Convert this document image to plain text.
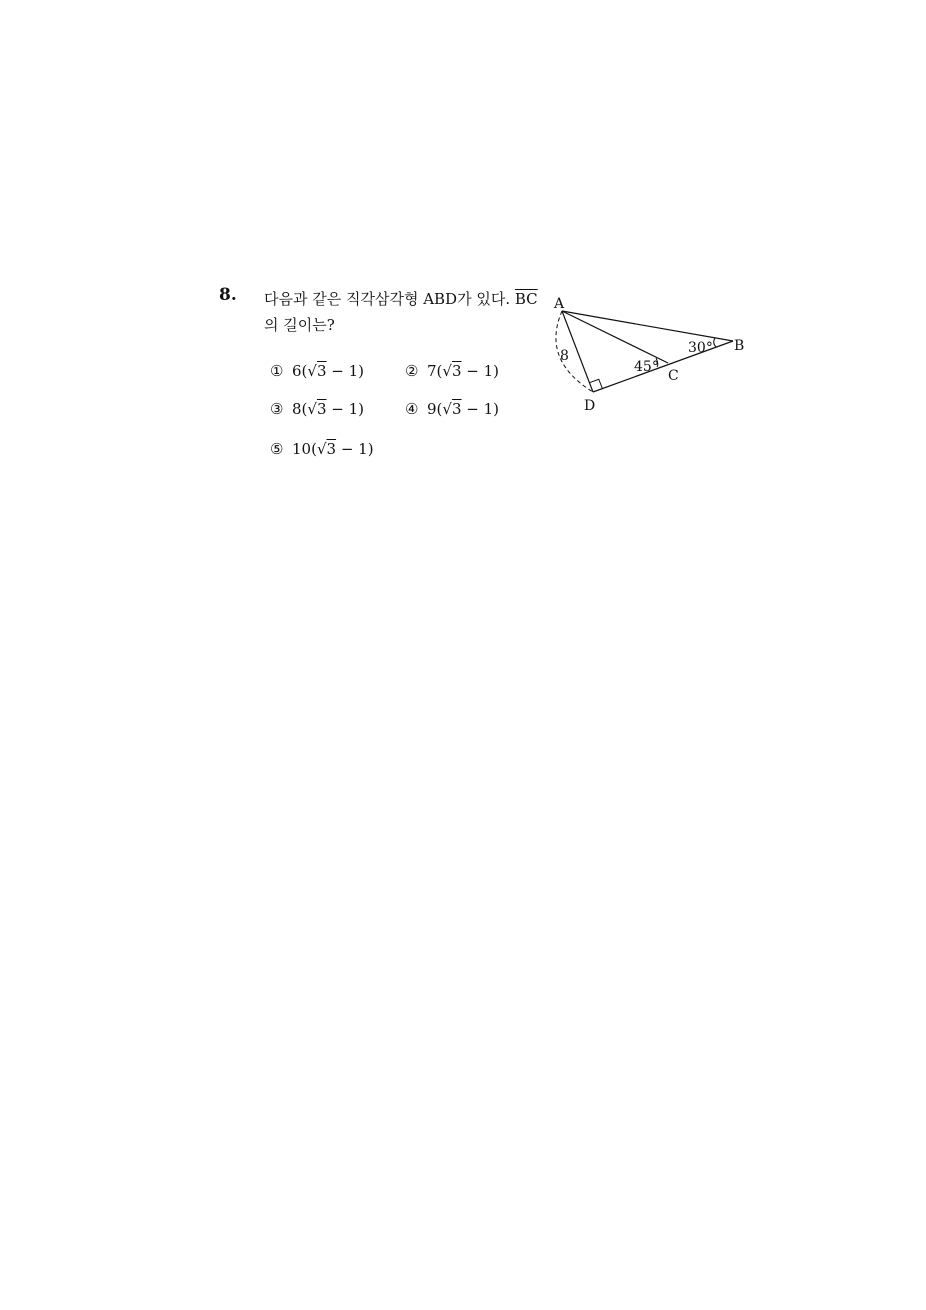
8. 다음과 같은 직각삼각형 ABD가 있다. $\overline{BC}$
의 길이는?
① 6(√3 − 1)	② 7(√3 − 1)
③ 8(√3 − 1)	④ 9(√3 − 1)
⑤ 10(√3 − 1)
A
B
C
D
8	30°
45°
